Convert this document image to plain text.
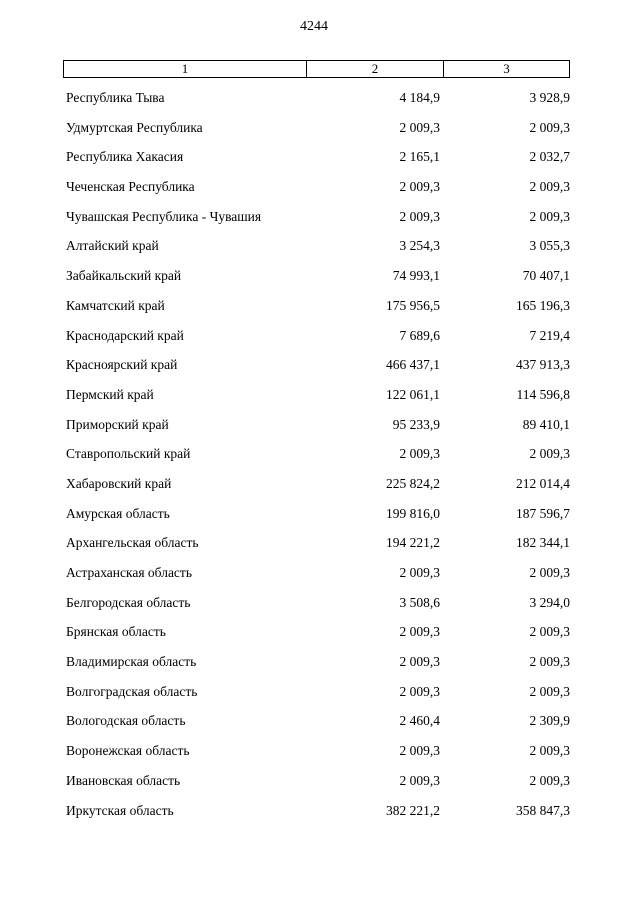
4244
1	2	3
Республика Тыва	4 184,9	3 928,9
Удмуртская Республика	2 009,3	2 009,3
Республика Хакасия	2 165,1	2 032,7
Чеченская Республика	2 009,3	2 009,3
Чувашская Республика - Чувашия	2 009,3	2 009,3
Алтайский край	3 254,3	3 055,3
Забайкальский край	74 993,1	70 407,1
Камчатский край	175 956,5	165 196,3
Краснодарский край	7 689,6	7 219,4
Красноярский край	466 437,1	437 913,3
Пермский край	122 061,1	114 596,8
Приморский край	95 233,9	89 410,1
Ставропольский край	2 009,3	2 009,3
Хабаровский край	225 824,2	212 014,4
Амурская область	199 816,0	187 596,7
Архангельская область	194 221,2	182 344,1
Астраханская область	2 009,3	2 009,3
Белгородская область	3 508,6	3 294,0
Брянская область	2 009,3	2 009,3
Владимирская область	2 009,3	2 009,3
Волгоградская область	2 009,3	2 009,3
Вологодская область	2 460,4	2 309,9
Воронежская область	2 009,3	2 009,3
Ивановская область	2 009,3	2 009,3
Иркутская область	382 221,2	358 847,3
